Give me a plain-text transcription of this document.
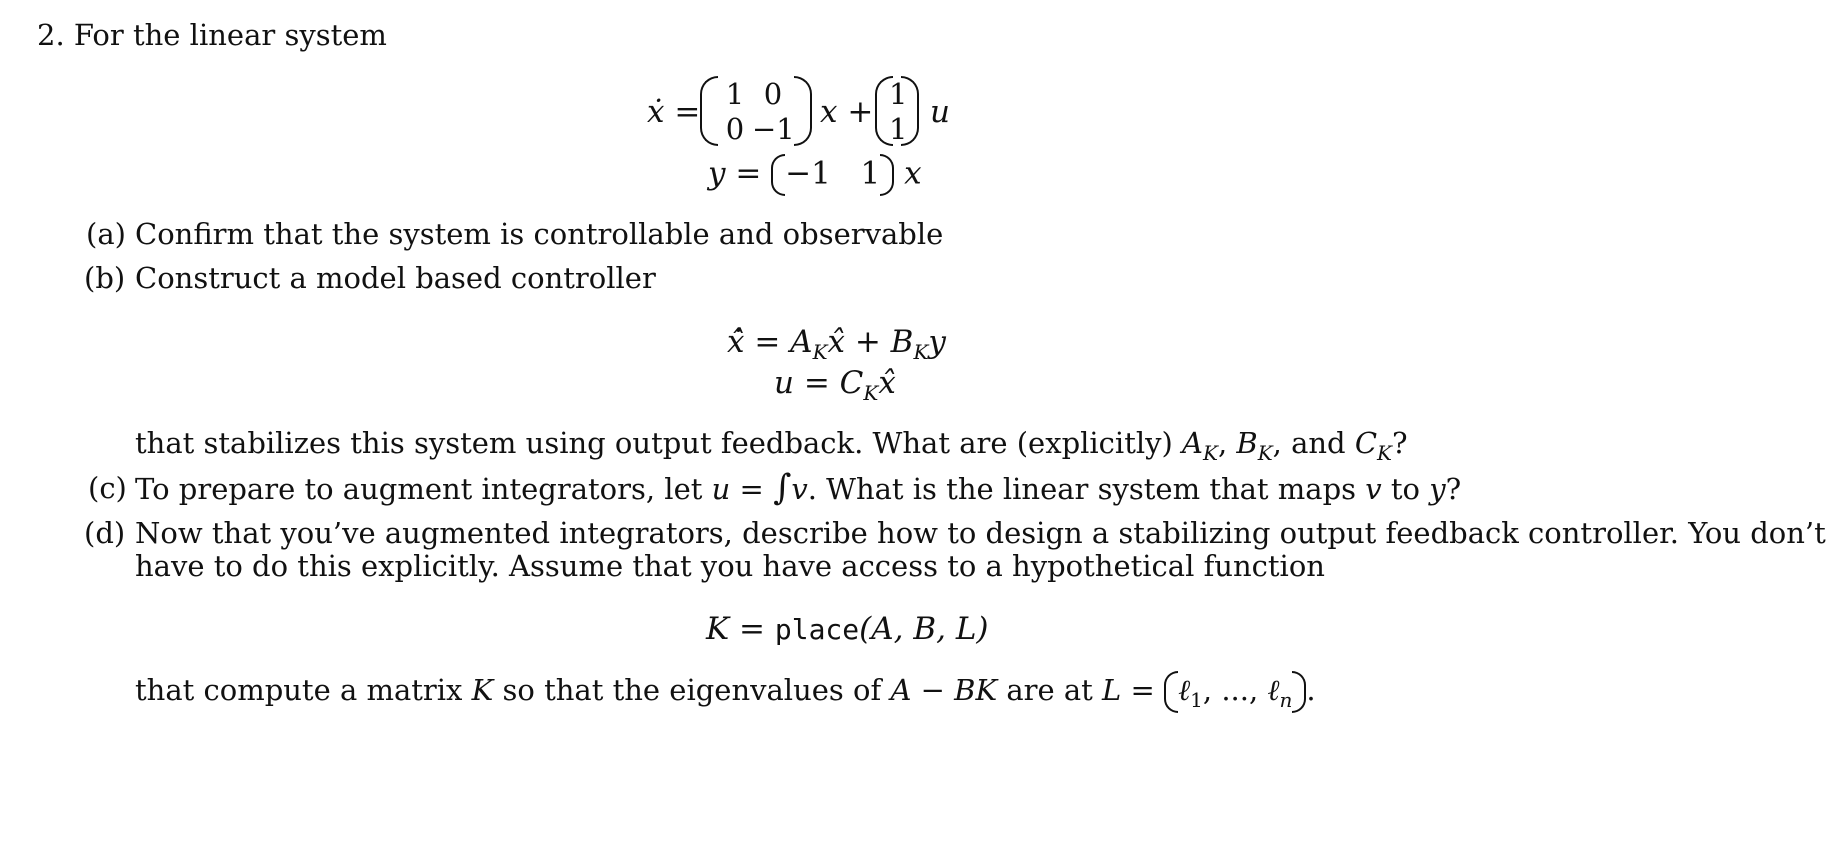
2. For the linear system
ẋ =
1 0
0 −1 x +
1
1 u
y = −1 1 x
(a) Confirm that the system is controllable and observable
(b) Construct a model based controller
x̂̇ = $A_Kx̂ + B_Ky$
$u = C_Kx̂$
that stabilizes this system using output feedback. What are (explicitly) $A_K$, $B_K$, and $C_K$?
(c) To prepare to augment integrators, let u = ∫v. What is the linear system that maps v to y?
(d) Now that you’ve augmented integrators, describe how to design a stabilizing output feedback controller. You don’t
have to do this explicitly. Assume that you have access to a hypothetical function
K = place(A, B, L)
that compute a matrix K so that the eigenvalues of A − BK are at L = ℓ$_1$, ..., ℓ$_n$ .
